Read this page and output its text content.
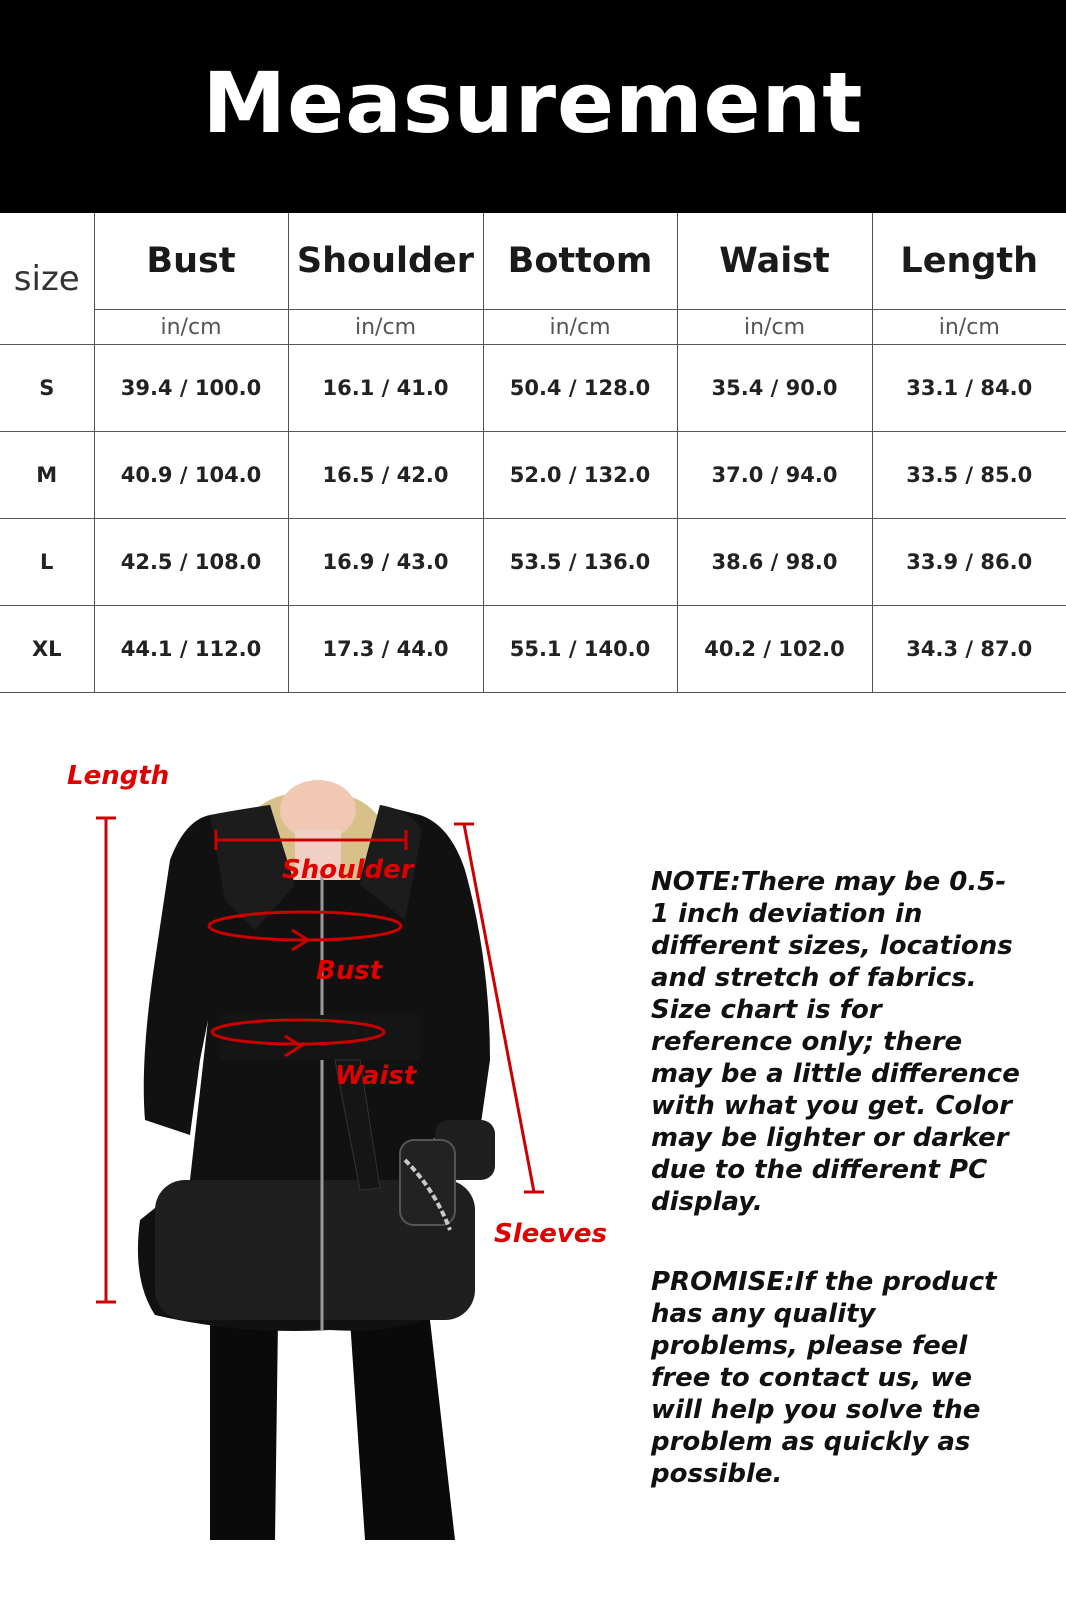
Measurement
size	Bust	Shoulder	Bottom	Waist	Length
	in/cm	in/cm	in/cm	in/cm	in/cm
S	39.4 / 100.0	16.1 / 41.0	50.4 / 128.0	35.4 / 90.0	33.1 / 84.0
M	40.9 / 104.0	16.5 / 42.0	52.0 / 132.0	37.0 / 94.0	33.5 / 85.0
L	42.5 / 108.0	16.9 / 43.0	53.5 / 136.0	38.6 / 98.0	33.9 / 86.0
XL	44.1 / 112.0	17.3 / 44.0	55.1 / 140.0	40.2 / 102.0	34.3 / 87.0
Length
Shoulder
Bust
Waist
Sleeves

NOTE:There may be 0.5-1 inch deviation in different sizes, locations and stretch of fabrics. Size chart is for reference only; there may be a little difference with what you get. Color may be lighter or darker due to the different PC display.

PROMISE:If the product has any quality problems, please feel free to contact us, we will help you solve the problem as quickly as possible.
